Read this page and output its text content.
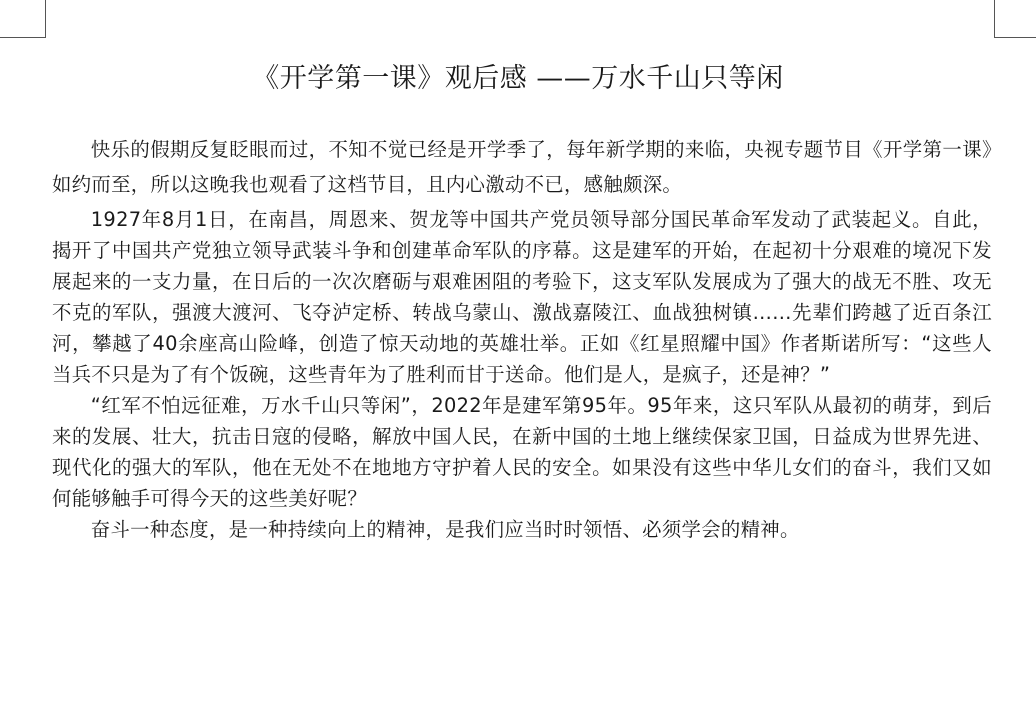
《开学第一课》观后感 ——万水千山只等闲

快乐的假期反复眨眼而过，不知不觉已经是开学季了，每年新学期的来临，央视专题节目《开学第一课》如约而至，所以这晚我也观看了这档节目，且内心激动不已，感触颇深。

1927年8月1日，在南昌，周恩来、贺龙等中国共产党员领导部分国民革命军发动了武装起义。自此，揭开了中国共产党独立领导武装斗争和创建革命军队的序幕。这是建军的开始，在起初十分艰难的境况下发展起来的一支力量，在日后的一次次磨砺与艰难困阻的考验下，这支军队发展成为了强大的战无不胜、攻无不克的军队，强渡大渡河、飞夺泸定桥、转战乌蒙山、激战嘉陵江、血战独树镇……先辈们跨越了近百条江河，攀越了40余座高山险峰，创造了惊天动地的英雄壮举。正如《红星照耀中国》作者斯诺所写：“这些人当兵不只是为了有个饭碗，这些青年为了胜利而甘于送命。他们是人，是疯子，还是神？”

“红军不怕远征难，万水千山只等闲”，2022年是建军第95年。95年来，这只军队从最初的萌芽，到后来的发展、壮大，抗击日寇的侵略，解放中国人民，在新中国的土地上继续保家卫国，日益成为世界先进、现代化的强大的军队，他在无处不在地地方守护着人民的安全。如果没有这些中华儿女们的奋斗，我们又如何能够触手可得今天的这些美好呢？

奋斗一种态度，是一种持续向上的精神，是我们应当时时领悟、必须学会的精神。
